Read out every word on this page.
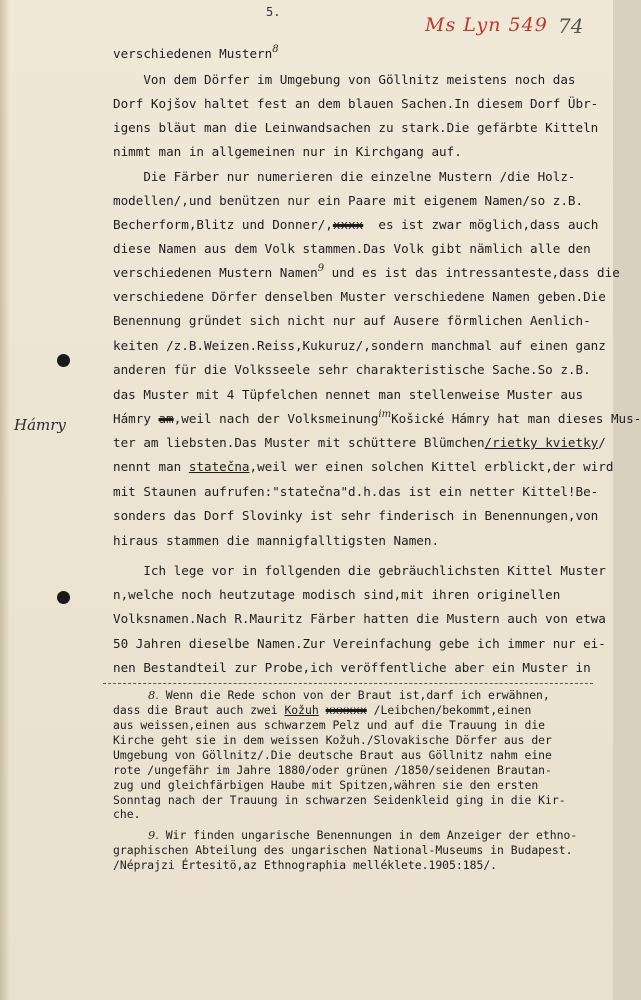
5.
Ms Lyn 549 74
Hámry
verschiedenen Mustern$^8$
Von dem Dörfer im Umgebung von Göllnitz meistens noch das
Dorf Kojšov haltet fest an dem blauen Sachen.In diesem Dorf Übr-
igens bläut man die Leinwandsachen zu stark.Die gefärbte Kitteln
nimmt man in allgemeinen nur in Kirchgang auf.
Die Färber nur numerieren die einzelne Mustern /die Holz-
modellen/,und benützen nur ein Paare mit eigenem Namen/so z.B.
Becherform,Blitz und Donner/,xxxx  es ist zwar möglich,dass auch
diese Namen aus dem Volk stammen.Das Volk gibt nämlich alle den
verschiedenen Mustern Namen$^9$ und es ist das intressanteste,dass die
verschiedene Dörfer denselben Muster verschiedene Namen geben.Die
Benennung gründet sich nicht nur auf Ausere förmlichen Aenlich-
keiten /z.B.Weizen.Reiss,Kukuruz/,sondern manchmal auf einen ganz
anderen für die Volksseele sehr charakteristische Sache.So z.B.
das Muster mit 4 Tüpfelchen nennet man stellenweise Muster aus
Hámry am,weil nach der Volksmeinung$^{im}$Košické Hámry hat man dieses Mus-
ter am liebsten.Das Muster mit schüttere Blümchen/rietky kvietky/
nennt man statečna,weil wer einen solchen Kittel erblickt,der wird
mit Staunen aufrufen:"statečna"d.h.das ist ein netter Kittel!Be-
sonders das Dorf Slovinky ist sehr finderisch in Benennungen,von
hiraus stammen die mannigfalltigsten Namen.
Ich lege vor in follgenden die gebräuchlichsten Kittel Muster
n,welche noch heutzutage modisch sind,mit ihren originellen
Volksnamen.Nach R.Mauritz Färber hatten die Mustern auch von etwa
50 Jahren dieselbe Namen.Zur Vereinfachung gebe ich immer nur ei-
nen Bestandteil zur Probe,ich veröffentliche aber ein Muster in
8. Wenn die Rede schon von der Braut ist,darf ich erwähnen,
dass die Braut auch zwei Kožuh xxxxxx /Leibchen/bekommt,einen
aus weissen,einen aus schwarzem Pelz und auf die Trauung in die
Kirche geht sie in dem weissen Kožuh./Slovakische Dörfer aus der
Umgebung von Göllnitz/.Die deutsche Braut aus Göllnitz nahm eine
rote /ungefähr im Jahre 1880/oder grünen /1850/seidenen Brautan-
zug und gleichfärbigen Haube mit Spitzen,währen sie den ersten
Sonntag nach der Trauung in schwarzen Seidenkleid ging in die Kir-
che.
9. Wir finden ungarische Benennungen in dem Anzeiger der ethno-
graphischen Abteilung des ungarischen National-Museums in Budapest.
/Néprajzi Értesitö,az Ethnographia melléklete.1905:185/.
